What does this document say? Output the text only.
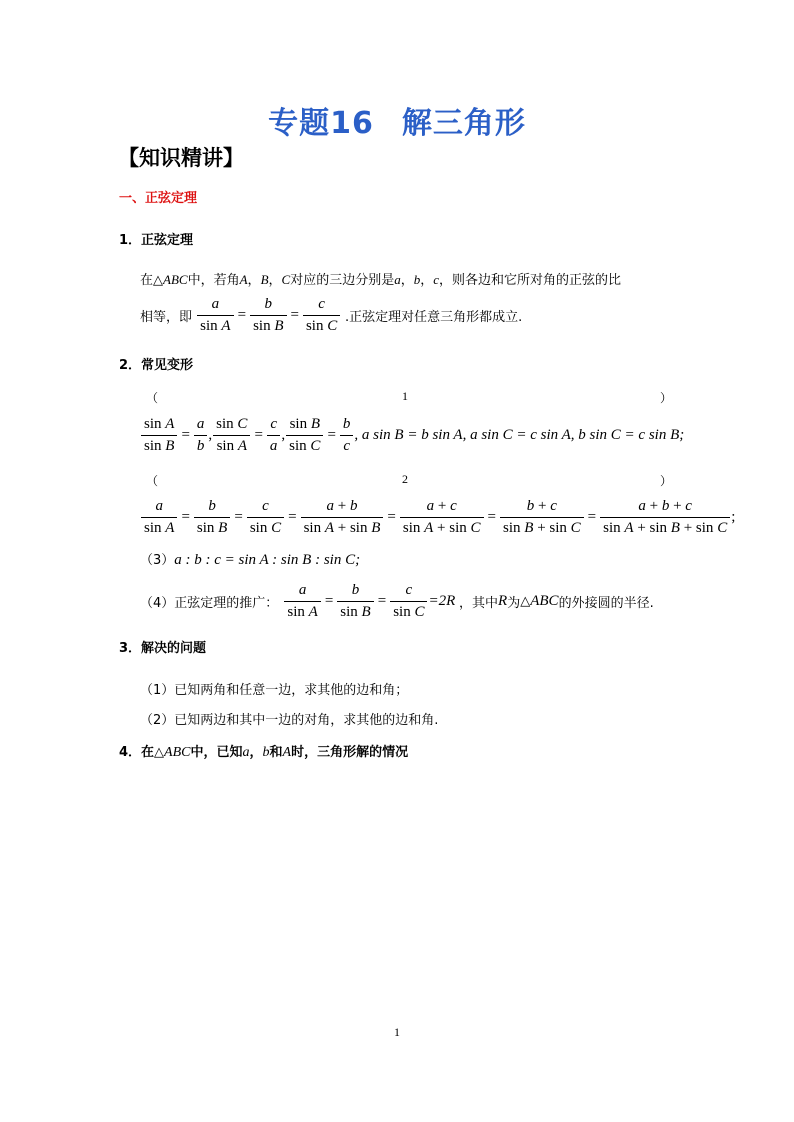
专题16 解三角形
【知识精讲】
一、正弦定理
1．正弦定理
在△ABC中，若角A，B，C对应的三边分别是a，b，c，则各边和它所对角的正弦的比
相等，即 $\frac{a}{\text{sin A}} = \frac{b}{\text{sin B}} = \frac{c}{\text{sin C}}$ .正弦定理对任意三角形都成立.
2．常见变形
（	1	）
$\frac{\text{sin A}}{\text{sin B}} = \frac{a}{b}$ , $\frac{\text{sin C}}{\text{sin A}} = \frac{c}{a}$ , $\frac{\text{sin B}}{\text{sin C}} = \frac{b}{c}$ , a sin B = b sin A, a sin C = c sin A, b sin C = c sin B;
（	2	）
$\frac{a}{\text{sin A}} = \frac{b}{\text{sin B}} = \frac{c}{\text{sin C}} = \frac{a + b}{\text{sin A + sin B}} = \frac{a + c}{\text{sin A + sin C}} = \frac{b + c}{\text{sin B + sin C}} = \frac{a + b + c}{\text{sin A + sin B + sin C}}$ ;
（3）a : b : c = sin A : sin B : sin C;
（4）正弦定理的推广： $\frac{a}{\text{sin A}} = \frac{b}{\text{sin B}} = \frac{c}{\text{sin C}} =2R$ ，其中R为△ABC的外接圆的半径.
3．解决的问题
（1）已知两角和任意一边，求其他的边和角；
（2）已知两边和其中一边的对角，求其他的边和角.
4．在△ABC中，已知a，b和A时，三角形解的情况
1
